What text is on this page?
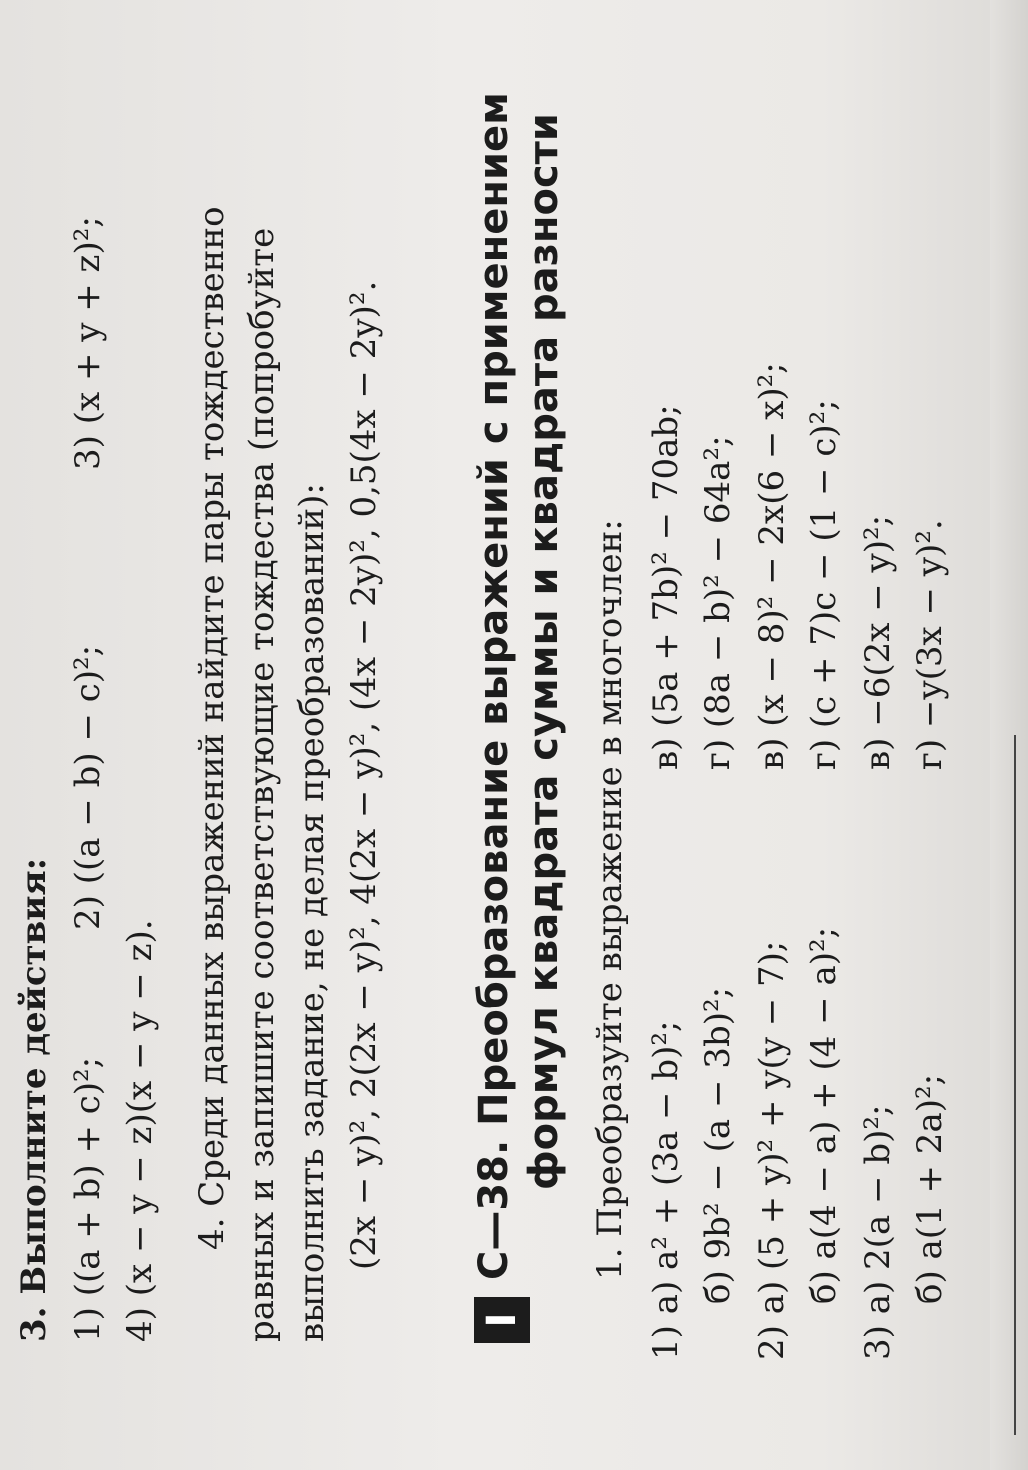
3. Выполните действия: 1) ((a + b) + c)²;
2) ((a − b) − c)²;
3) (x + y + z)²;
4) (x − y − z)(x − y − z). 4. Среди данных выражений найдите пары тождественно равных и запишите соответствующие тождества (попробуйте выполнить задание, не делая преобразований): (2x − y)², 2(2x − y)², 4(2x − y)², (4x − 2y)², 0,5(4x − 2y)².
I
С—38. Преобразование выражений с применением формул квадрата суммы и квадрата разности 1. Преобразуйте выражение в многочлен: 1) а) a² + (3a − b)²;
в) (5a + 7b)² − 70ab;
б) 9b² − (a − 3b)²;
г) (8a − b)² − 64a²;
2) а) (5 + y)² + y(y − 7);
в) (x − 8)² − 2x(6 − x)²;
б) a(4 − a) + (4 − a)²;
г) (c + 7)c − (1 − c)²;
3) а) 2(a − b)²;
в) −6(2x − y)²;
б) a(1 + 2a)²;
г) −y(3x − y)².
